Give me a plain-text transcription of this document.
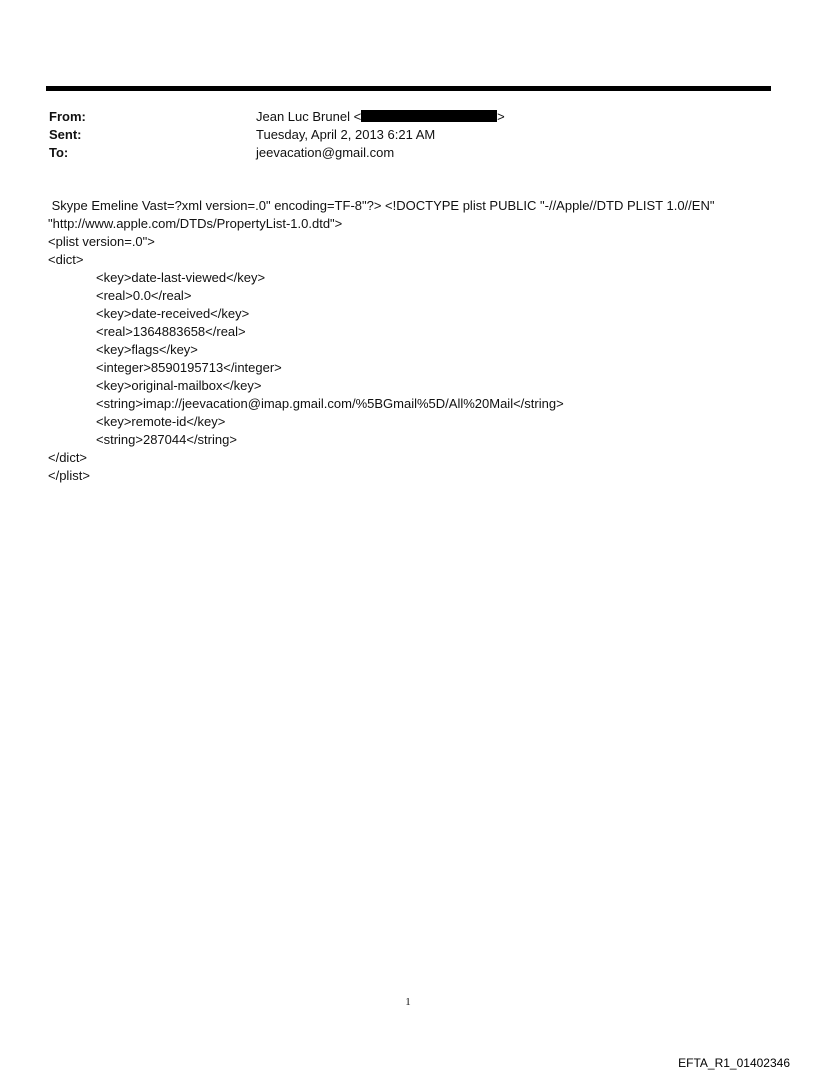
From:	Jean Luc Brunel <	>
Sent:	Tuesday, April 2, 2013 6:21 AM
To:	jeevacation@gmail.com
Skype Emeline Vast=?xml version=.0" encoding=TF-8"?> <!DOCTYPE plist PUBLIC "-//Apple//DTD PLIST 1.0//EN"
"http://www.apple.com/DTDs/PropertyList-1.0.dtd">
<plist version=.0">
<dict>
<key>date-last-viewed</key>
<real>0.0</real>
<key>date-received</key>
<real>1364883658</real>
<key>flags</key>
<integer>8590195713</integer>
<key>original-mailbox</key>
<string>imap://jeevacation@imap.gmail.com/%5BGmail%5D/All%20Mail</string>
<key>remote-id</key>
<string>287044</string>
</dict>
</plist>
1
EFTA_R1_01402346
